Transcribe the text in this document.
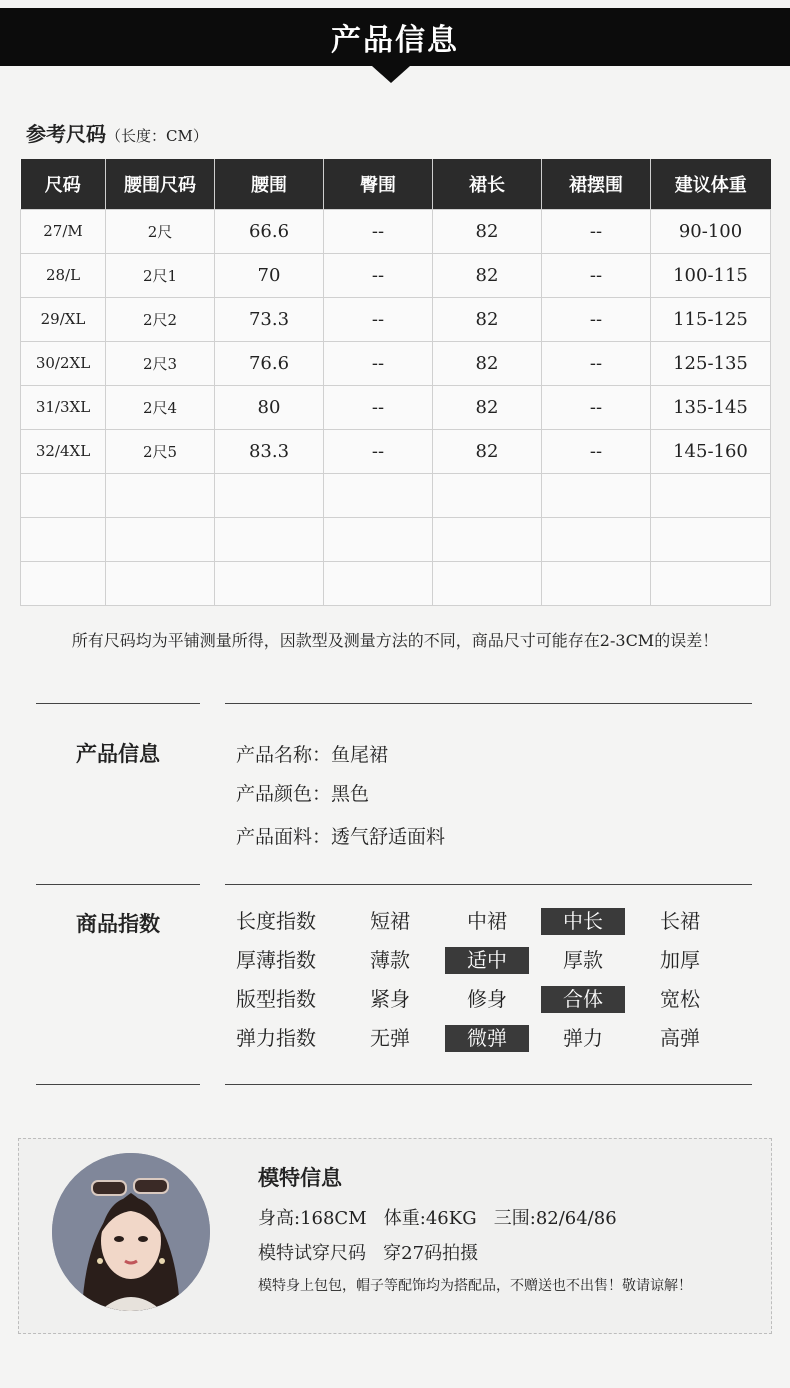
产品信息
参考尺码（长度：CM）
尺码	腰围尺码	腰围	臀围	裙长	裙摆围	建议体重
27/M	2尺	66.6	--	82	--	90-100
28/L	2尺1	70	--	82	--	100-115
29/XL	2尺2	73.3	--	82	--	115-125
30/2XL	2尺3	76.6	--	82	--	125-135
31/3XL	2尺4	80	--	82	--	135-145
32/4XL	2尺5	83.3	--	82	--	145-160

所有尺码均为平铺测量所得，因款型及测量方法的不同，商品尺寸可能存在2-3CM的误差！
产品信息	产品名称：鱼尾裙
产品颜色：黑色
产品面料：透气舒适面料
商品指数	长度指数	短裙	中裙	中长	长裙
厚薄指数	薄款	适中	厚款	加厚
版型指数	紧身	修身	合体	宽松
弹力指数	无弹	微弹	弹力	高弹
模特信息
身高:168CM   体重:46KG   三围:82/64/86
模特试穿尺码   穿27码拍摄
模特身上包包，帽子等配饰均为搭配品，不赠送也不出售！敬请谅解！
